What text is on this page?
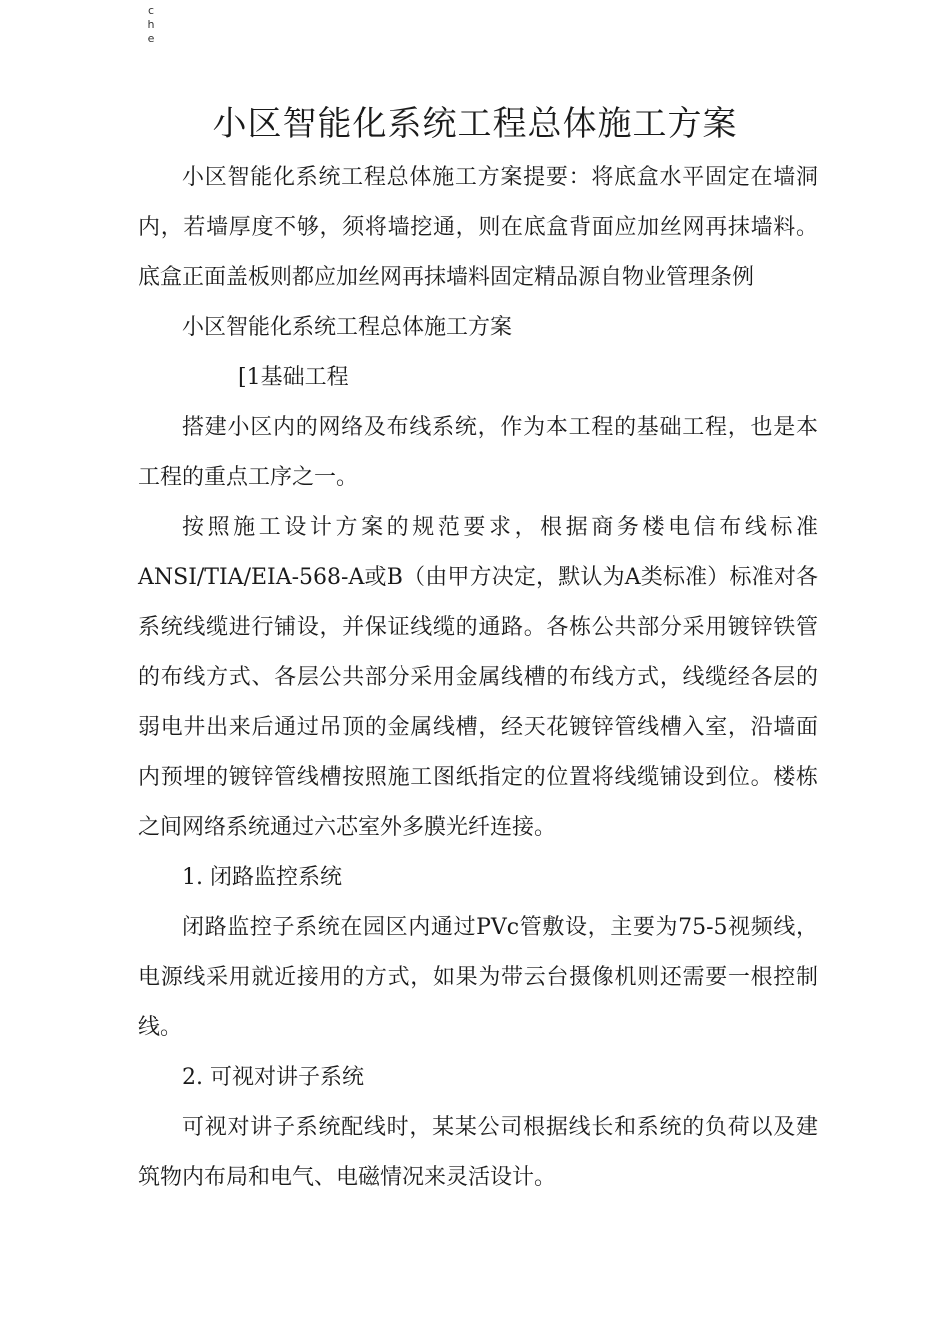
che
小区智能化系统工程总体施工方案

小区智能化系统工程总体施工方案提要：将底盒水平固定在墙洞内，若墙厚度不够，须将墙挖通，则在底盒背面应加丝网再抹墙料。底盒正面盖板则都应加丝网再抹墙料固定精品源自物业管理条例

小区智能化系统工程总体施工方案

[1基础工程

搭建小区内的网络及布线系统，作为本工程的基础工程，也是本工程的重点工序之一。

按照施工设计方案的规范要求，根据商务楼电信布线标准ANSI/TIA/EIA-568-A或B（由甲方决定，默认为A类标准）标准对各系统线缆进行铺设，并保证线缆的通路。各栋公共部分采用镀锌铁管的布线方式、各层公共部分采用金属线槽的布线方式，线缆经各层的弱电井出来后通过吊顶的金属线槽，经天花镀锌管线槽入室，沿墙面内预埋的镀锌管线槽按照施工图纸指定的位置将线缆铺设到位。楼栋之间网络系统通过六芯室外多膜光纤连接。

1. 闭路监控系统

闭路监控子系统在园区内通过PVc管敷设，主要为75-5视频线，电源线采用就近接用的方式，如果为带云台摄像机则还需要一根控制线。

2. 可视对讲子系统

可视对讲子系统配线时，某某公司根据线长和系统的负荷以及建筑物内布局和电气、电磁情况来灵活设计。
